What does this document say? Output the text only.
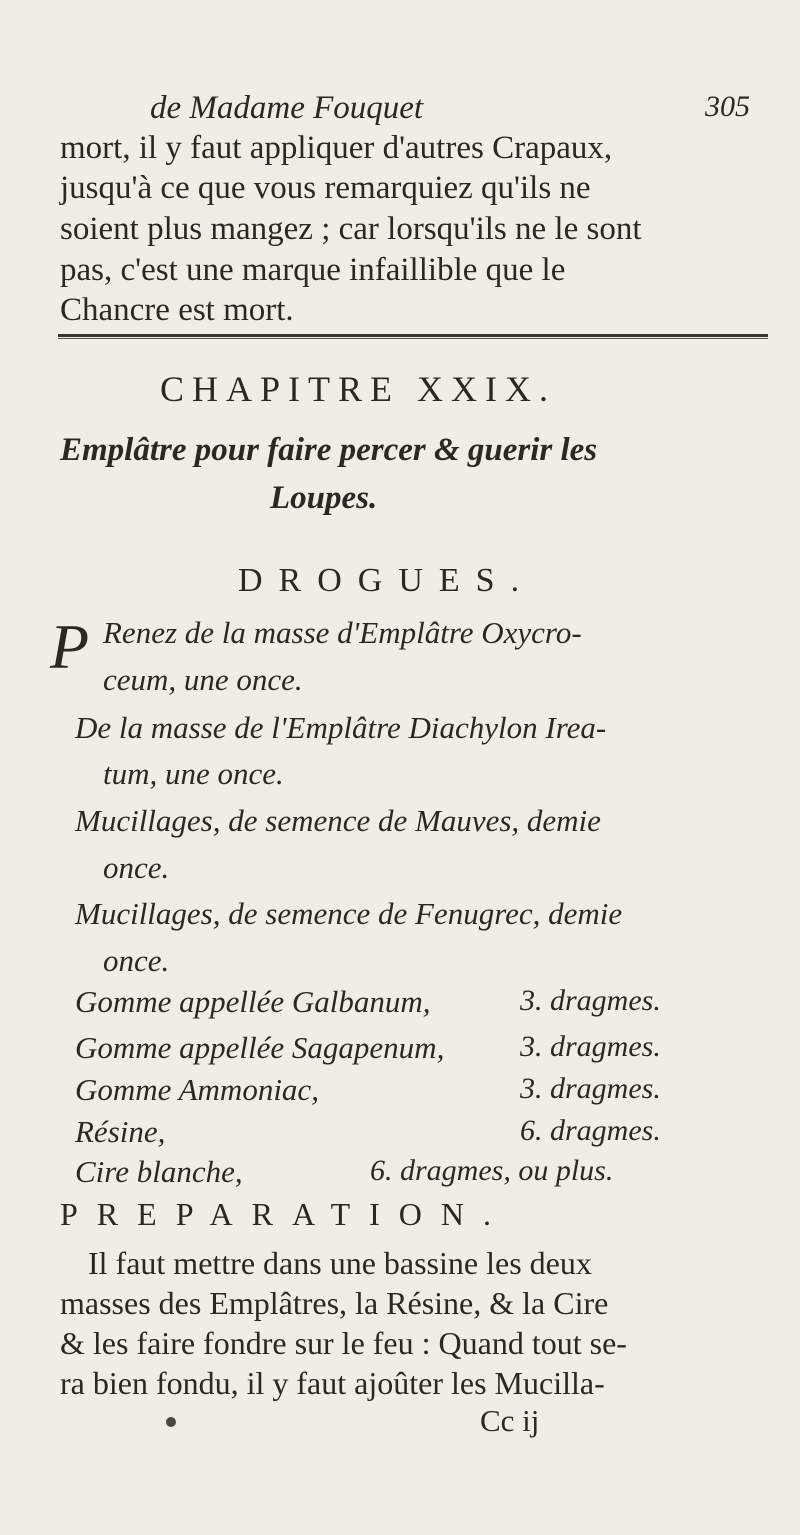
de Madame Fouquet	305
mort, il y faut appliquer d'autres Crapaux,
jusqu'à ce que vous remarquiez qu'ils ne
soient plus mangez ; car lorsqu'ils ne le sont
pas, c'est une marque infaillible que le
Chancre est mort.
CHAPITRE XXIX.
Emplâtre pour faire percer & guerir les
Loupes.
DROGUES.
P Renez de la masse d'Emplâtre Oxycro-
ceum, une once.
De la masse de l'Emplâtre Diachylon Irea-
tum, une once.
Mucillages, de semence de Mauves, demie
once.
Mucillages, de semence de Fenugrec, demie
once.
Gomme appellée Galbanum,	3. dragmes.
Gomme appellée Sagapenum,	3. dragmes.
Gomme Ammoniac,	3. dragmes.
Résine,	6. dragmes.
Cire blanche,	6. dragmes, ou plus.
PREPARATION.
Il faut mettre dans une bassine les deux
masses des Emplâtres, la Résine, & la Cire
& les faire fondre sur le feu : Quand tout se-
ra bien fondu, il y faut ajoûter les Mucilla-
Cc ij
